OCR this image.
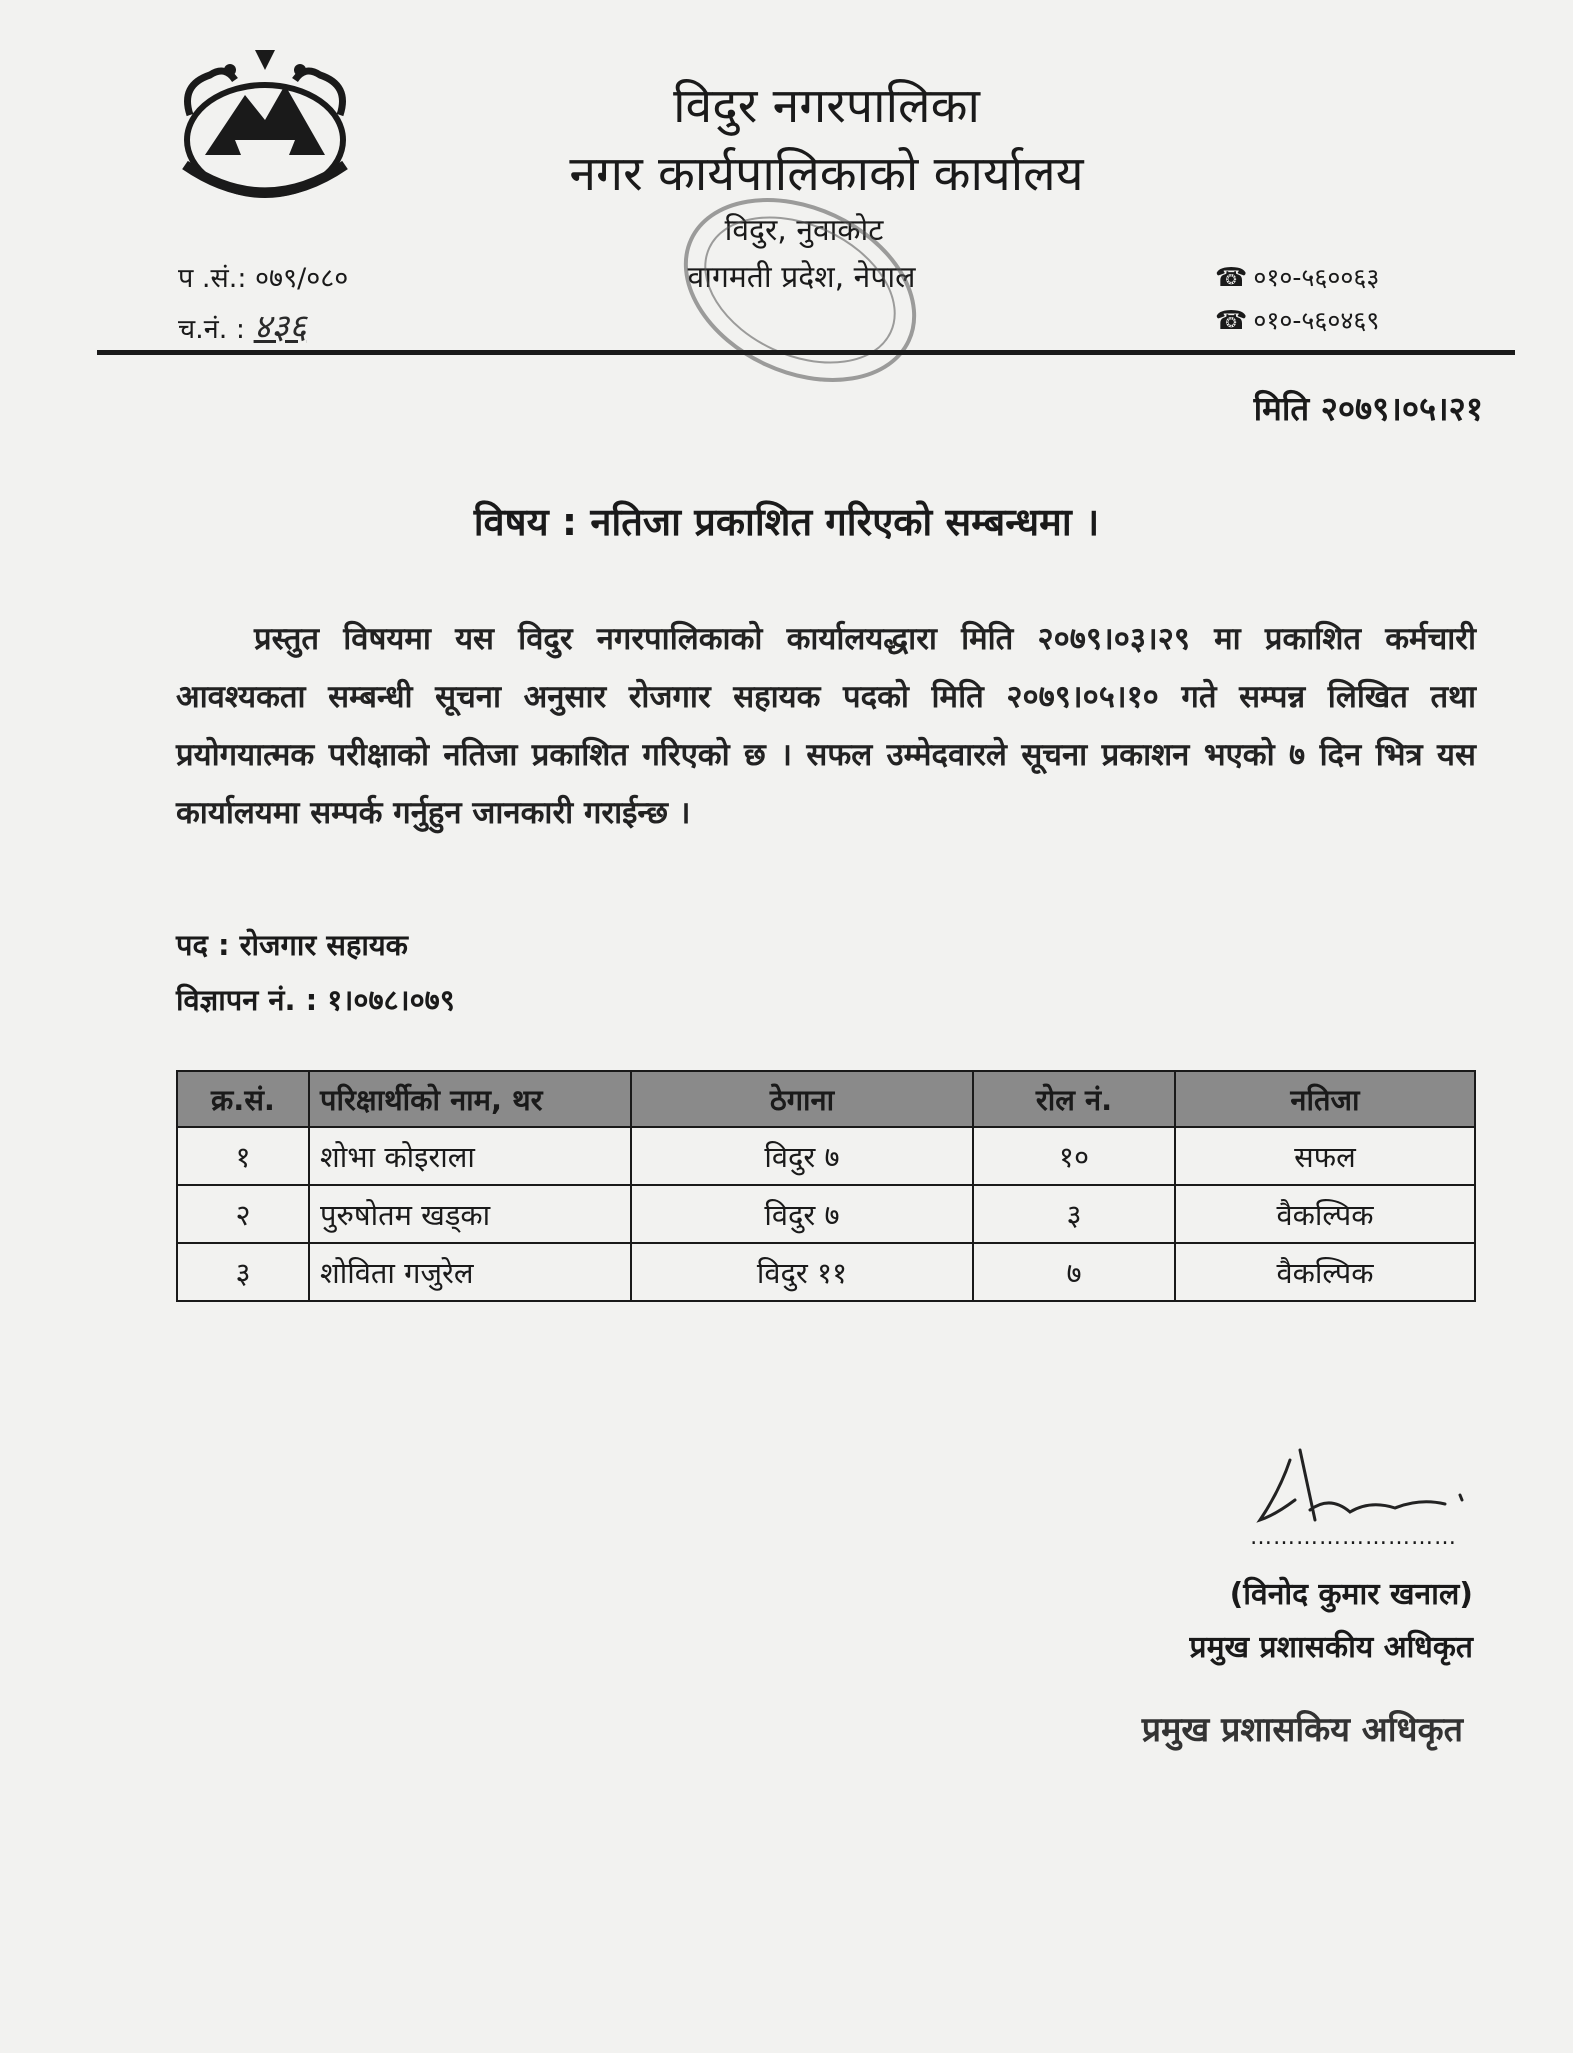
विदुर नगरपालिका
नगर कार्यपालिकाको कार्यालय
विदुर, नुवाकोट
वागमती प्रदेश, नेपाल
प .सं.: ०७९/०८०
च.नं. : ४३६
☎ ०१०-५६००६३
☎ ०१०-५६०४६९
मिति २०७९।०५।२१
विषय : नतिजा प्रकाशित गरिएको सम्बन्धमा ।
प्रस्तुत विषयमा यस विदुर नगरपालिकाको कार्यालयद्धारा मिति २०७९।०३।२९ मा प्रकाशित कर्मचारी आवश्यकता सम्बन्धी सूचना अनुसार रोजगार सहायक पदको मिति २०७९।०५।१० गते सम्पन्न लिखित तथा प्रयोगयात्मक परीक्षाको नतिजा प्रकाशित गरिएको छ । सफल उम्मेदवारले सूचना प्रकाशन भएको ७ दिन भित्र यस कार्यालयमा सम्पर्क गर्नुहुन जानकारी गराईन्छ ।
पद : रोजगार सहायक
विज्ञापन नं. : १।०७८।०७९
क्र.सं.	परिक्षार्थीको नाम, थर	ठेगाना	रोल नं.	नतिजा
१	शोभा कोइराला	विदुर ७	१०	सफल
२	पुरुषोतम खड्का	विदुर ७	३	वैकल्पिक
३	शोविता गजुरेल	विदुर ११	७	वैकल्पिक
………………………
(विनोद कुमार खनाल)
प्रमुख प्रशासकीय अधिकृत
प्रमुख प्रशासकिय अधिकृत
